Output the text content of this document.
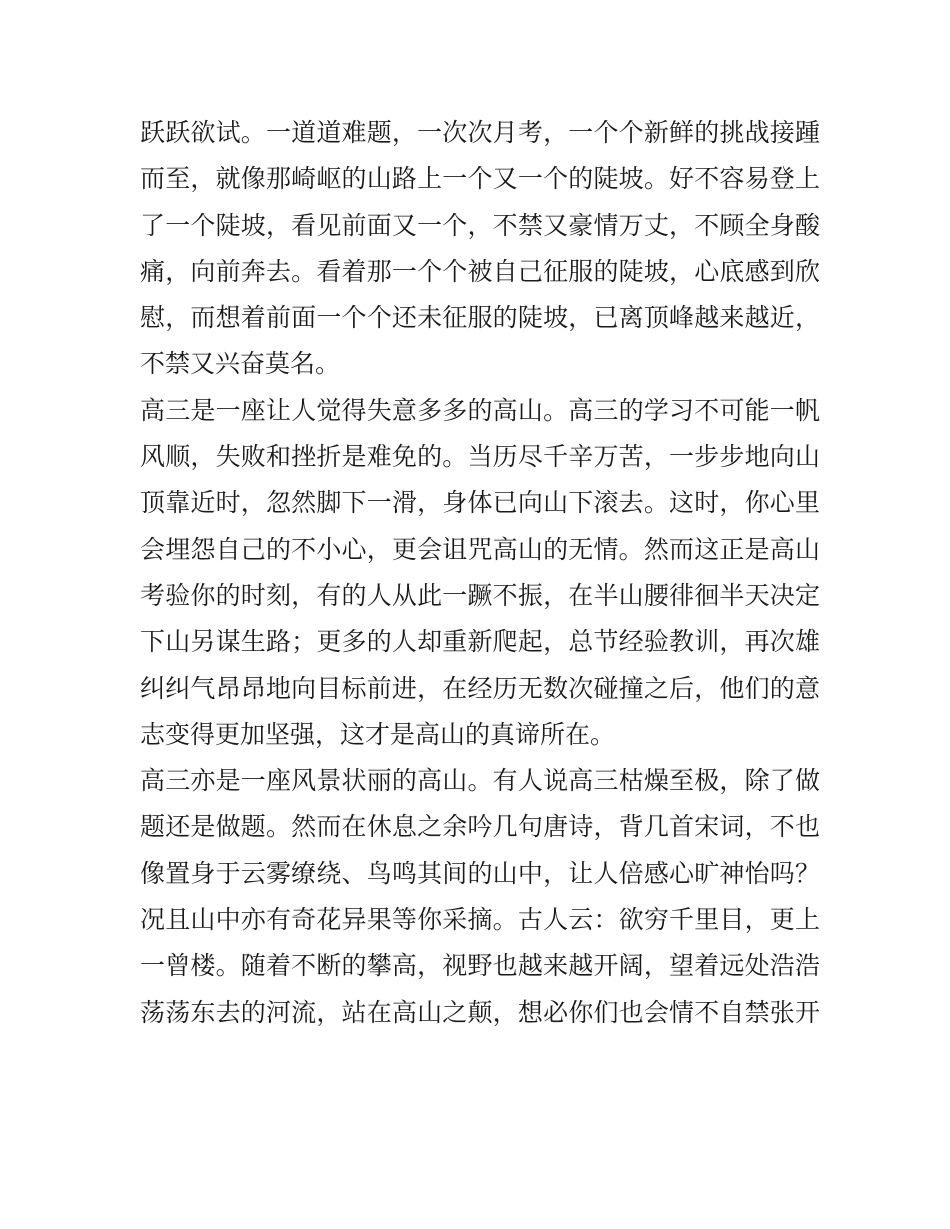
跃跃欲试。一道道难题，一次次月考，一个个新鲜的挑战接踵
而至，就像那崎岖的山路上一个又一个的陡坡。好不容易登上
了一个陡坡，看见前面又一个，不禁又豪情万丈，不顾全身酸
痛，向前奔去。看着那一个个被自己征服的陡坡，心底感到欣
慰，而想着前面一个个还未征服的陡坡，已离顶峰越来越近，
不禁又兴奋莫名。
高三是一座让人觉得失意多多的高山。高三的学习不可能一帆
风顺，失败和挫折是难免的。当历尽千辛万苦，一步步地向山
顶靠近时，忽然脚下一滑，身体已向山下滚去。这时，你心里
会埋怨自己的不小心，更会诅咒高山的无情。然而这正是高山
考验你的时刻，有的人从此一蹶不振，在半山腰徘徊半天决定
下山另谋生路；更多的人却重新爬起，总节经验教训，再次雄
纠纠气昂昂地向目标前进，在经历无数次碰撞之后，他们的意
志变得更加坚强，这才是高山的真谛所在。
高三亦是一座风景状丽的高山。有人说高三枯燥至极，除了做
题还是做题。然而在休息之余吟几句唐诗，背几首宋词，不也
像置身于云雾缭绕、鸟鸣其间的山中，让人倍感心旷神怡吗？
况且山中亦有奇花异果等你采摘。古人云：欲穷千里目，更上
一曾楼。随着不断的攀高，视野也越来越开阔，望着远处浩浩
荡荡东去的河流，站在高山之颠，想必你们也会情不自禁张开
